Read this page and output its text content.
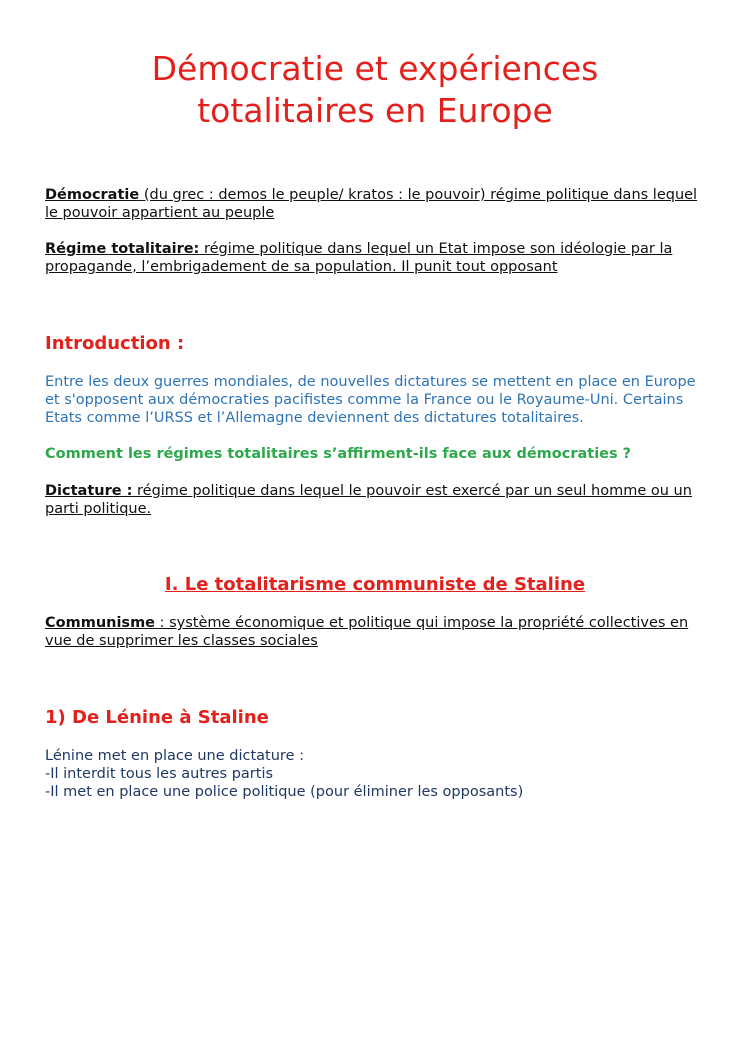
Démocratie et expériences
totalitaires en Europe

Démocratie (du grec : demos le peuple/ kratos : le pouvoir) régime politique dans lequel le pouvoir appartient au peuple

Régime totalitaire: régime politique dans lequel un Etat impose son idéologie par la propagande, l’embrigadement de sa population. Il punit tout opposant

Introduction :

Entre les deux guerres mondiales, de nouvelles dictatures se mettent en place en Europe et s'opposent aux démocraties pacifistes comme la France ou le Royaume-Uni. Certains Etats comme l’URSS et l’Allemagne deviennent des dictatures totalitaires.

Comment les régimes totalitaires s’affirment-ils face aux démocraties ?

Dictature : régime politique dans lequel le pouvoir est exercé par un seul homme ou un parti politique.

I. Le totalitarisme communiste de Staline

Communisme : système économique et politique qui impose la propriété collectives en vue de supprimer les classes sociales

1) De Lénine à Staline
Lénine met en place une dictature :
-Il interdit tous les autres partis
-Il met en place une police politique (pour éliminer les opposants)
